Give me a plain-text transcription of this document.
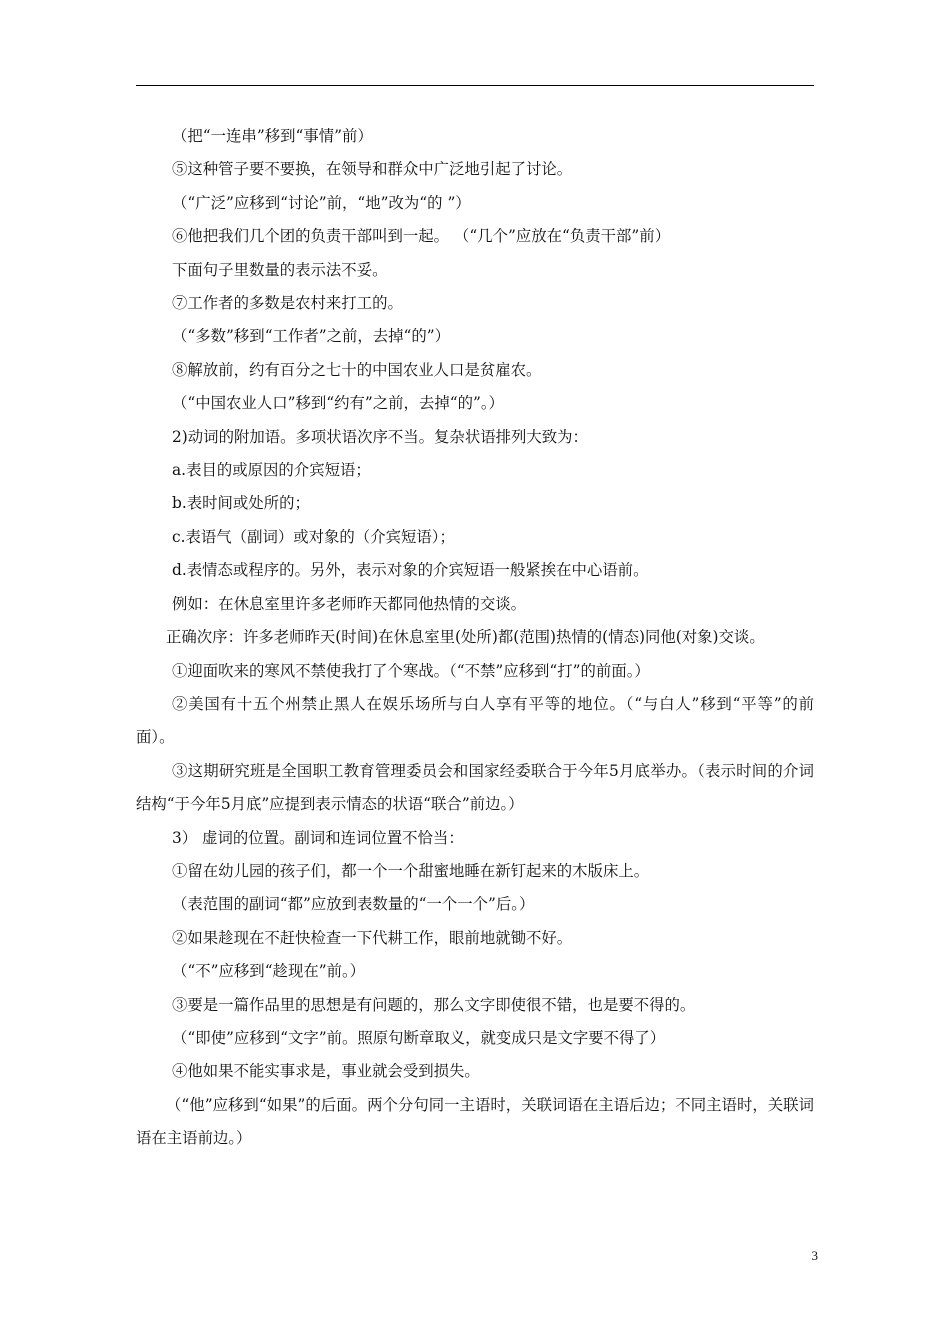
（把“一连串”移到“事情”前）
⑤这种管子要不要换，在领导和群众中广泛地引起了讨论。
（“广泛”应移到“讨论”前，“地”改为“的 ”）
⑥他把我们几个团的负责干部叫到一起。 （“几个”应放在“负责干部”前）
下面句子里数量的表示法不妥。
⑦工作者的多数是农村来打工的。
（“多数”移到“工作者”之前，去掉“的”）
⑧解放前，约有百分之七十的中国农业人口是贫雇农。
（“中国农业人口”移到“约有”之前，去掉“的”。）
2)动词的附加语。多项状语次序不当。复杂状语排列大致为：
a.表目的或原因的介宾短语；
b.表时间或处所的；
c.表语气（副词）或对象的（介宾短语）；
d.表情态或程序的。另外，表示对象的介宾短语一般紧挨在中心语前。
例如：在休息室里许多老师昨天都同他热情的交谈。
正确次序：许多老师昨天(时间)在休息室里(处所)都(范围)热情的(情态)同他(对象)交谈。
①迎面吹来的寒风不禁使我打了个寒战。（“不禁”应移到“打”的前面。）
②美国有十五个州禁止黑人在娱乐场所与白人享有平等的地位。（“与白人”移到“平等”的前面）。
③这期研究班是全国职工教育管理委员会和国家经委联合于今年5月底举办。（表示时间的介词结构“于今年5月底”应提到表示情态的状语“联合”前边。）
3） 虚词的位置。副词和连词位置不恰当：
①留在幼儿园的孩子们，都一个一个甜蜜地睡在新钉起来的木版床上。
（表范围的副词“都”应放到表数量的“一个一个”后。）
②如果趁现在不赶快检查一下代耕工作，眼前地就锄不好。
（“不”应移到“趁现在”前。）
③要是一篇作品里的思想是有问题的，那么文字即使很不错，也是要不得的。
（“即使”应移到“文字”前。照原句断章取义，就变成只是文字要不得了）
④他如果不能实事求是，事业就会受到损失。
（“他”应移到“如果”的后面。两个分句同一主语时，关联词语在主语后边；不同主语时，关联词语在主语前边。）
3
